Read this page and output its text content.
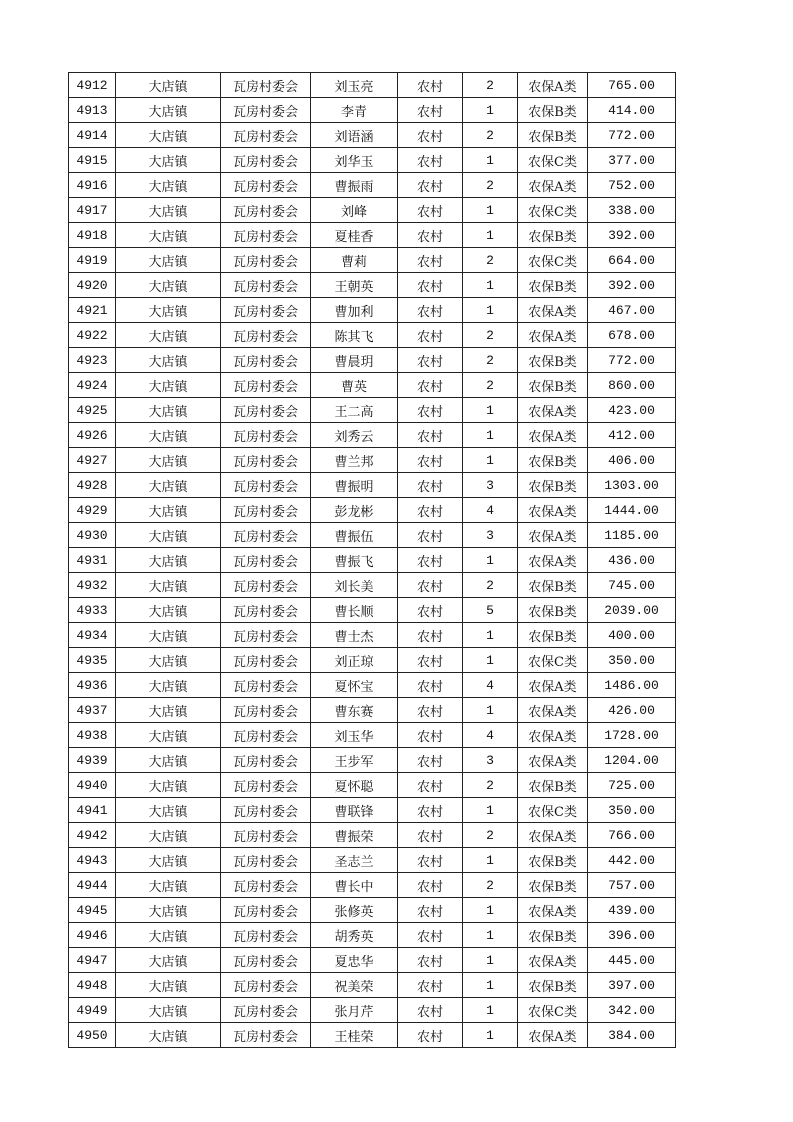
4912	大店镇	瓦房村委会	刘玉亮	农村	2	农保A类	765.00
4913	大店镇	瓦房村委会	李青	农村	1	农保B类	414.00
4914	大店镇	瓦房村委会	刘语涵	农村	2	农保B类	772.00
4915	大店镇	瓦房村委会	刘华玉	农村	1	农保C类	377.00
4916	大店镇	瓦房村委会	曹振雨	农村	2	农保A类	752.00
4917	大店镇	瓦房村委会	刘峰	农村	1	农保C类	338.00
4918	大店镇	瓦房村委会	夏桂香	农村	1	农保B类	392.00
4919	大店镇	瓦房村委会	曹莉	农村	2	农保C类	664.00
4920	大店镇	瓦房村委会	王朝英	农村	1	农保B类	392.00
4921	大店镇	瓦房村委会	曹加利	农村	1	农保A类	467.00
4922	大店镇	瓦房村委会	陈其飞	农村	2	农保A类	678.00
4923	大店镇	瓦房村委会	曹晨玥	农村	2	农保B类	772.00
4924	大店镇	瓦房村委会	曹英	农村	2	农保B类	860.00
4925	大店镇	瓦房村委会	王二高	农村	1	农保A类	423.00
4926	大店镇	瓦房村委会	刘秀云	农村	1	农保A类	412.00
4927	大店镇	瓦房村委会	曹兰邦	农村	1	农保B类	406.00
4928	大店镇	瓦房村委会	曹振明	农村	3	农保B类	1303.00
4929	大店镇	瓦房村委会	彭龙彬	农村	4	农保A类	1444.00
4930	大店镇	瓦房村委会	曹振伍	农村	3	农保A类	1185.00
4931	大店镇	瓦房村委会	曹振飞	农村	1	农保A类	436.00
4932	大店镇	瓦房村委会	刘长美	农村	2	农保B类	745.00
4933	大店镇	瓦房村委会	曹长顺	农村	5	农保B类	2039.00
4934	大店镇	瓦房村委会	曹士杰	农村	1	农保B类	400.00
4935	大店镇	瓦房村委会	刘正琼	农村	1	农保C类	350.00
4936	大店镇	瓦房村委会	夏怀宝	农村	4	农保A类	1486.00
4937	大店镇	瓦房村委会	曹东赛	农村	1	农保A类	426.00
4938	大店镇	瓦房村委会	刘玉华	农村	4	农保A类	1728.00
4939	大店镇	瓦房村委会	王步军	农村	3	农保A类	1204.00
4940	大店镇	瓦房村委会	夏怀聪	农村	2	农保B类	725.00
4941	大店镇	瓦房村委会	曹联锋	农村	1	农保C类	350.00
4942	大店镇	瓦房村委会	曹振荣	农村	2	农保A类	766.00
4943	大店镇	瓦房村委会	圣志兰	农村	1	农保B类	442.00
4944	大店镇	瓦房村委会	曹长中	农村	2	农保B类	757.00
4945	大店镇	瓦房村委会	张修英	农村	1	农保A类	439.00
4946	大店镇	瓦房村委会	胡秀英	农村	1	农保B类	396.00
4947	大店镇	瓦房村委会	夏忠华	农村	1	农保A类	445.00
4948	大店镇	瓦房村委会	祝美荣	农村	1	农保B类	397.00
4949	大店镇	瓦房村委会	张月芹	农村	1	农保C类	342.00
4950	大店镇	瓦房村委会	王桂荣	农村	1	农保A类	384.00
